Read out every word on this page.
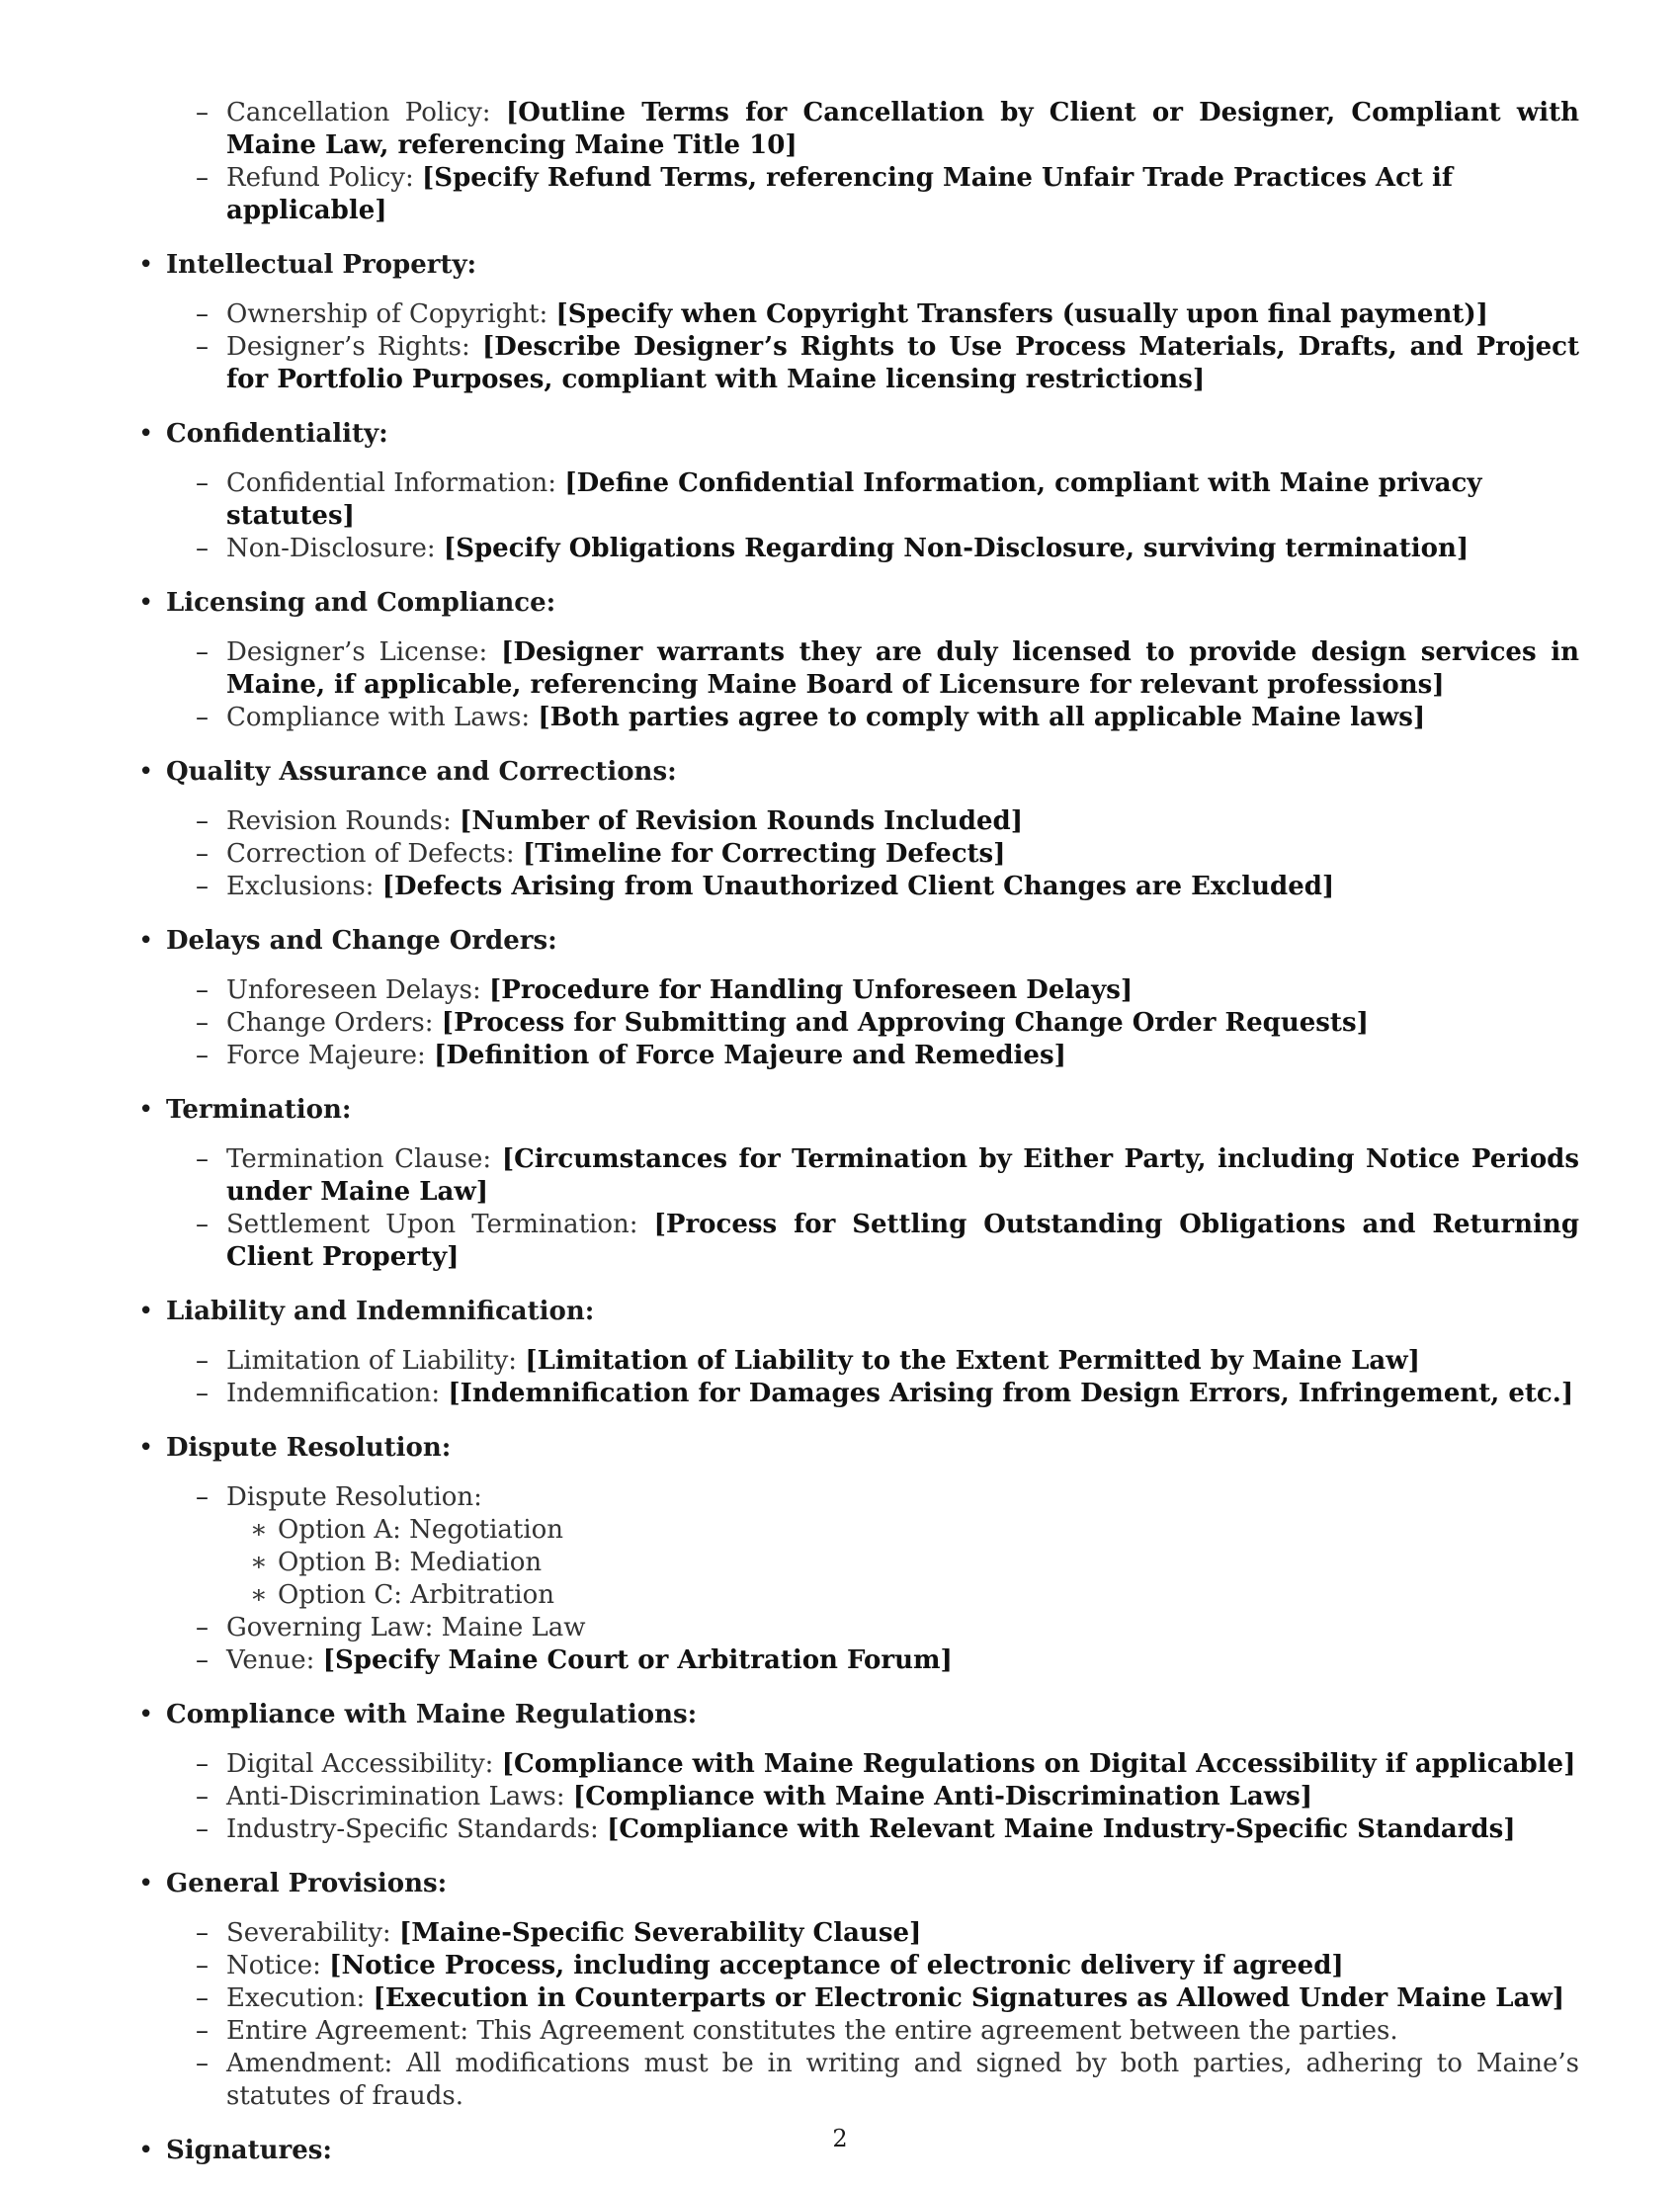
– Cancellation Policy: [Outline Terms for Cancellation by Client or Designer, Compliant with Maine Law, referencing Maine Title 10]
– Refund Policy: [Specify Refund Terms, referencing Maine Unfair Trade Practices Act if applicable]
• Intellectual Property:
– Ownership of Copyright: [Specify when Copyright Transfers (usually upon final payment)]
– Designer’s Rights: [Describe Designer’s Rights to Use Process Materials, Drafts, and Project for Portfolio Purposes, compliant with Maine licensing restrictions]
• Confidentiality:
– Confidential Information: [Define Confidential Information, compliant with Maine privacy statutes]
– Non-Disclosure: [Specify Obligations Regarding Non-Disclosure, surviving termination]
• Licensing and Compliance:
– Designer’s License: [Designer warrants they are duly licensed to provide design services in Maine, if applicable, referencing Maine Board of Licensure for relevant professions]
– Compliance with Laws: [Both parties agree to comply with all applicable Maine laws]
• Quality Assurance and Corrections:
– Revision Rounds: [Number of Revision Rounds Included]
– Correction of Defects: [Timeline for Correcting Defects]
– Exclusions: [Defects Arising from Unauthorized Client Changes are Excluded]
• Delays and Change Orders:
– Unforeseen Delays: [Procedure for Handling Unforeseen Delays]
– Change Orders: [Process for Submitting and Approving Change Order Requests]
– Force Majeure: [Definition of Force Majeure and Remedies]
• Termination:
– Termination Clause: [Circumstances for Termination by Either Party, including Notice Periods under Maine Law]
– Settlement Upon Termination: [Process for Settling Outstanding Obligations and Returning Client Property]
• Liability and Indemnification:
– Limitation of Liability: [Limitation of Liability to the Extent Permitted by Maine Law]
– Indemnification: [Indemnification for Damages Arising from Design Errors, Infringement, etc.]
• Dispute Resolution:
– Dispute Resolution:
∗ Option A: Negotiation
∗ Option B: Mediation
∗ Option C: Arbitration
– Governing Law: Maine Law
– Venue: [Specify Maine Court or Arbitration Forum]
• Compliance with Maine Regulations:
– Digital Accessibility: [Compliance with Maine Regulations on Digital Accessibility if applicable]
– Anti-Discrimination Laws: [Compliance with Maine Anti-Discrimination Laws]
– Industry-Specific Standards: [Compliance with Relevant Maine Industry-Specific Standards]
• General Provisions:
– Severability: [Maine-Specific Severability Clause]
– Notice: [Notice Process, including acceptance of electronic delivery if agreed]
– Execution: [Execution in Counterparts or Electronic Signatures as Allowed Under Maine Law]
– Entire Agreement: This Agreement constitutes the entire agreement between the parties.
– Amendment: All modifications must be in writing and signed by both parties, adhering to Maine’s statutes of frauds.
• Signatures:	2
